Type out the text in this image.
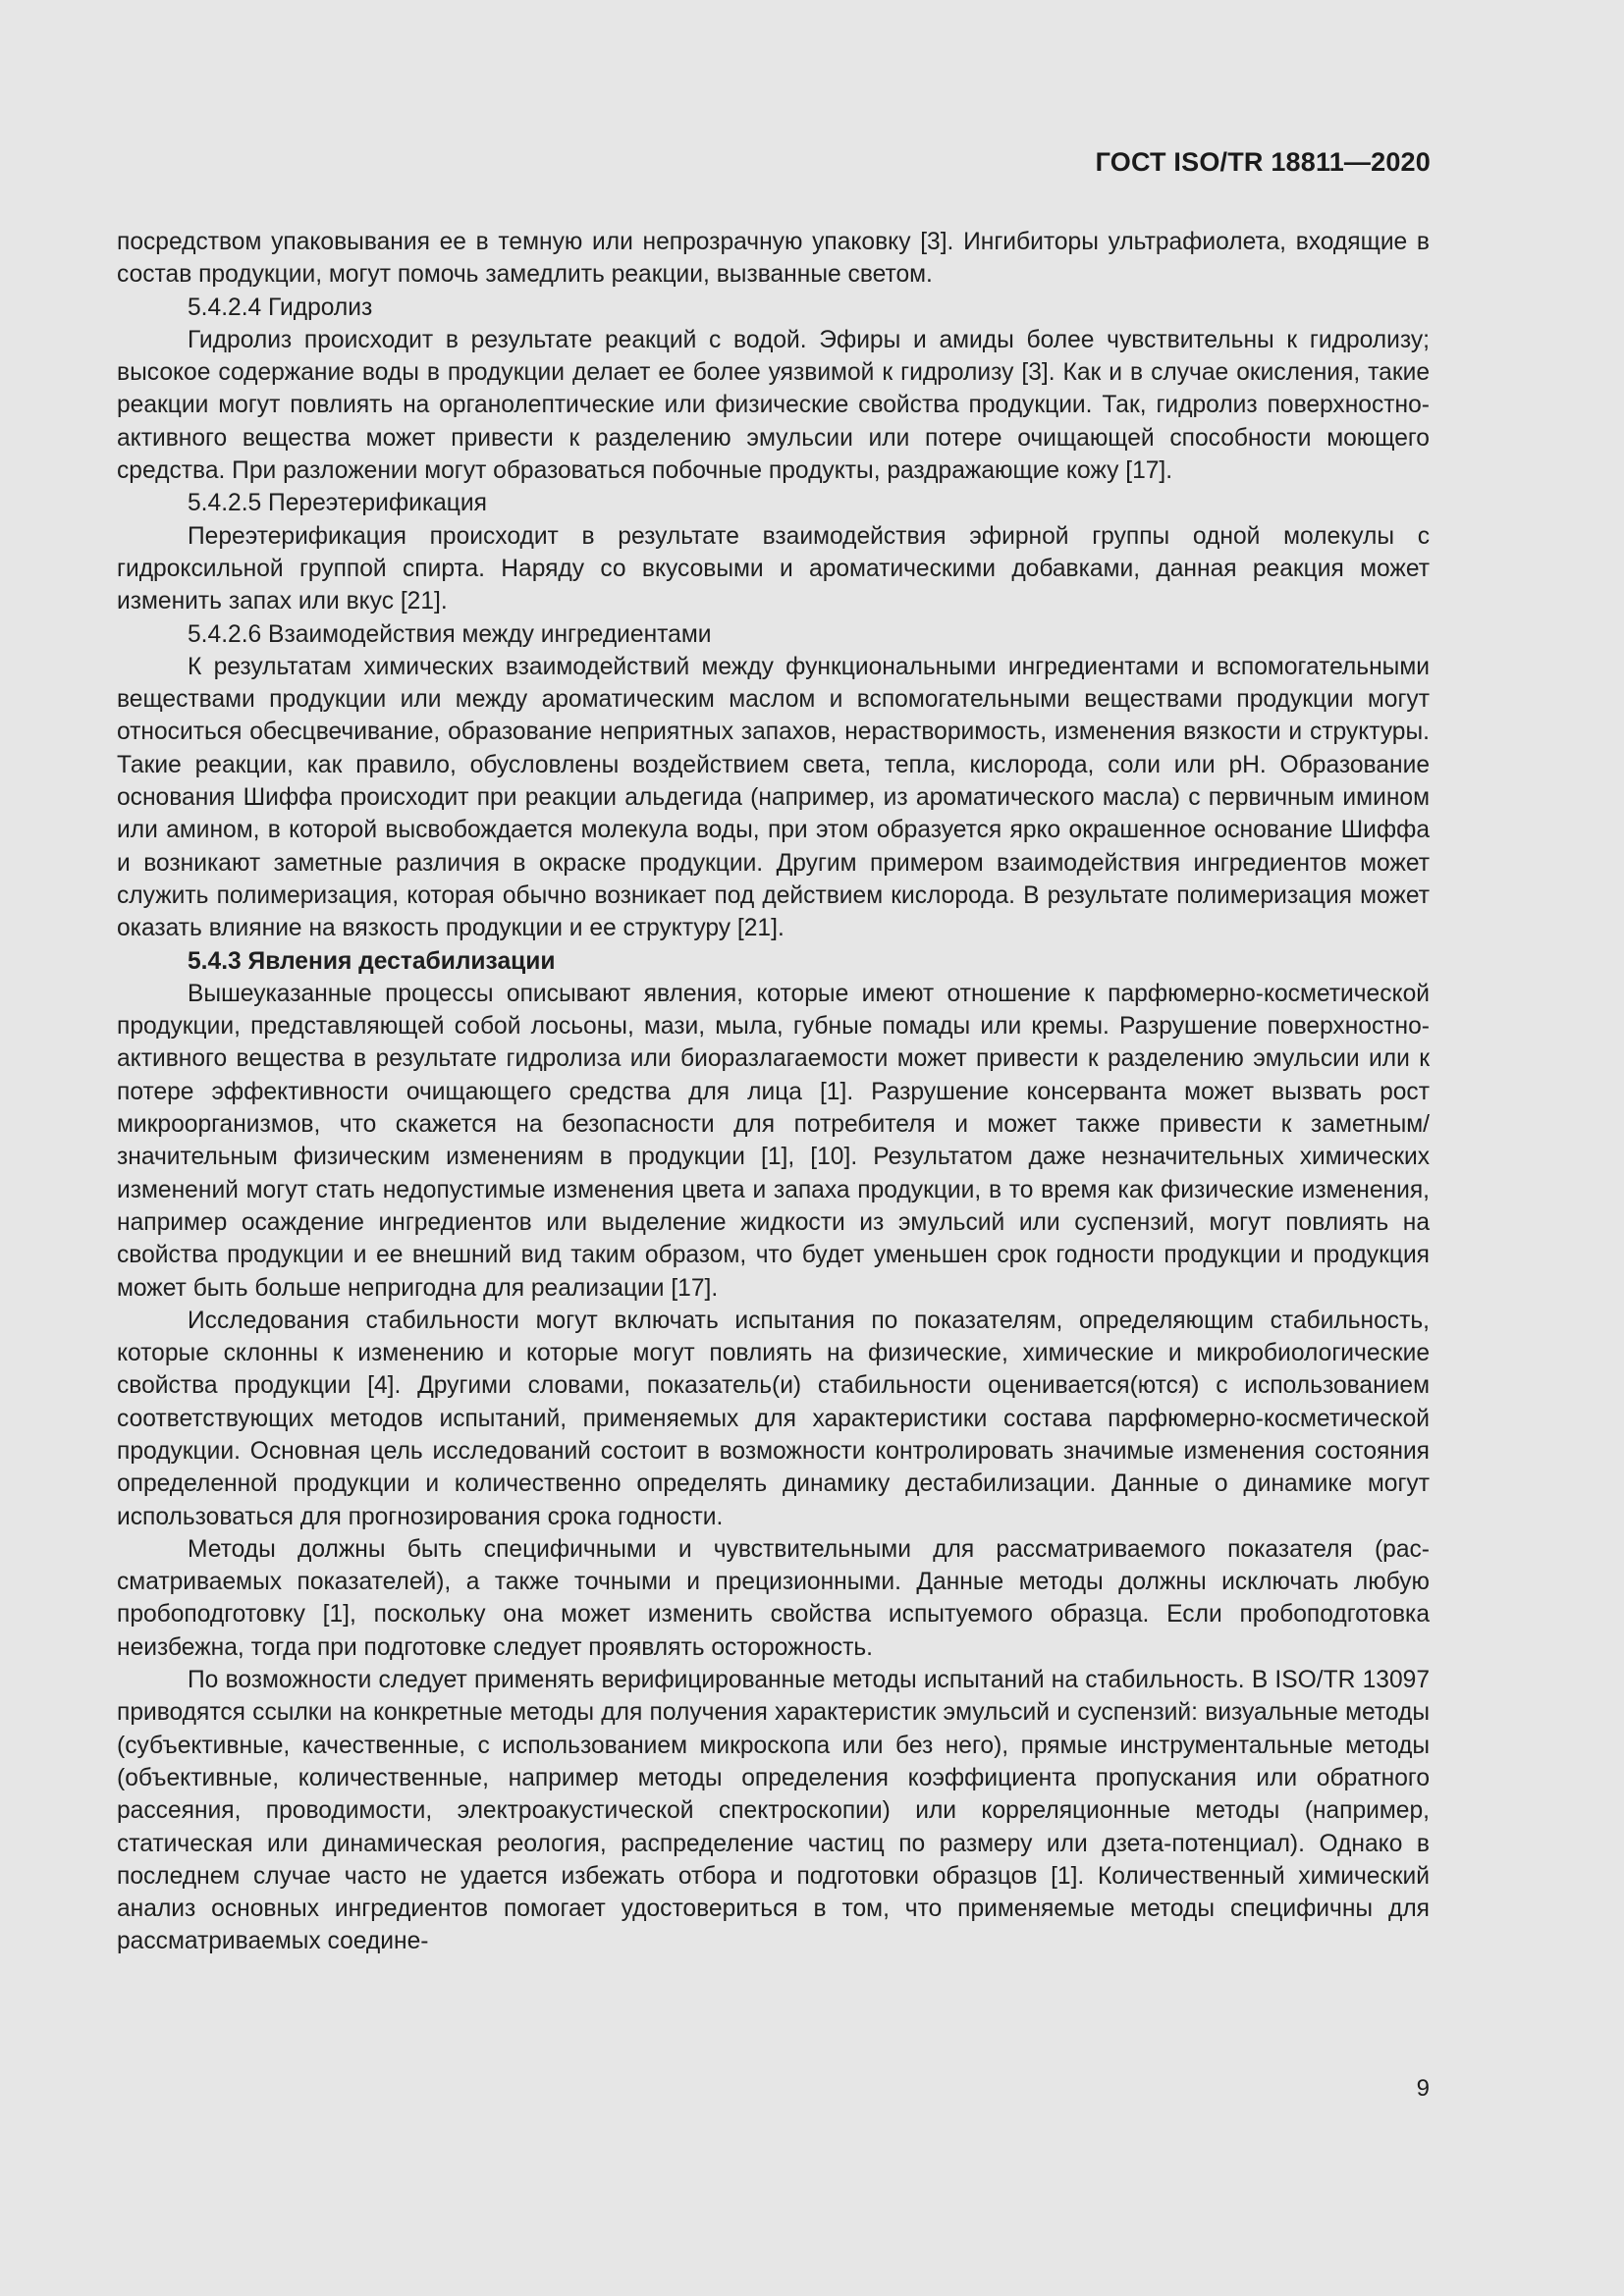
ГОСТ ISO/TR 18811—2020

посредством упаковывания ее в темную или непрозрачную упаковку [3]. Ингибиторы ультрафиолета, входящие в состав продукции, могут помочь замедлить реакции, вызванные светом.

5.4.2.4 Гидролиз

Гидролиз происходит в результате реакций с водой. Эфиры и амиды более чувствительны к гидролизу; высокое содержание воды в продукции делает ее более уязвимой к гидролизу [3]. Как и в случае окисления, такие реакции могут повлиять на органолептические или физические свойства продукции. Так, гидролиз поверхностно-активного вещества может привести к разделению эмульсии или потере очищающей способности моющего средства. При разложении могут образоваться побочные продукты, раздражающие кожу [17].

5.4.2.5 Переэтерификация

Переэтерификация происходит в результате взаимодействия эфирной группы одной молекулы с гидроксильной группой спирта. Наряду со вкусовыми и ароматическими добавками, данная реакция может изменить запах или вкус [21].

5.4.2.6 Взаимодействия между ингредиентами

К результатам химических взаимодействий между функциональными ингредиентами и вспомогательными веществами продукции или между ароматическим маслом и вспомогательными веществами продукции могут относиться обесцвечивание, образование неприятных запахов, нерастворимость, изменения вязкости и структуры. Такие реакции, как правило, обусловлены воздействием света, тепла, кислорода, соли или pH. Образование основания Шиффа происходит при реакции альдегида (например, из ароматического масла) с первичным имином или амином, в которой высвобождается молекула воды, при этом образуется ярко окрашенное основание Шиффа и возникают заметные различия в окраске продукции. Другим примером взаимодействия ингредиентов может служить полимеризация, которая обычно возникает под действием кислорода. В результате полимеризация может оказать влияние на вязкость продукции и ее структуру [21].

5.4.3 Явления дестабилизации

Вышеуказанные процессы описывают явления, которые имеют отношение к парфюмерно-косметической продукции, представляющей собой лосьоны, мази, мыла, губные помады или кремы. Разрушение поверхностно-активного вещества в результате гидролиза или биоразлагаемости может привести к разделению эмульсии или к потере эффективности очищающего средства для лица [1]. Разрушение консерванта может вызвать рост микроорганизмов, что скажется на безопасности для потребителя и может также привести к заметным/значительным физическим изменениям в продукции [1], [10]. Результатом даже незначительных химических изменений могут стать недопустимые изменения цвета и запаха продукции, в то время как физические изменения, например осаждение ингредиентов или выделение жидкости из эмульсий или суспензий, могут повлиять на свойства продукции и ее внешний вид таким образом, что будет уменьшен срок годности продукции и продукция может быть больше непригодна для реализации [17].

Исследования стабильности могут включать испытания по показателям, определяющим стабильность, которые склонны к изменению и которые могут повлиять на физические, химические и микробиологические свойства продукции [4]. Другими словами, показатель(и) стабильности оценивается(ются) с использованием соответствующих методов испытаний, применяемых для характеристики состава парфюмерно-косметической продукции. Основная цель исследований состоит в возможности контролировать значимые изменения состояния определенной продукции и количественно определять динамику дестабилизации. Данные о динамике могут использоваться для прогнозирования срока годности.

Методы должны быть специфичными и чувствительными для рассматриваемого показателя (рассматриваемых показателей), а также точными и прецизионными. Данные методы должны исключать любую пробоподготовку [1], поскольку она может изменить свойства испытуемого образца. Если пробоподготовка неизбежна, тогда при подготовке следует проявлять осторожность.

По возможности следует применять верифицированные методы испытаний на стабильность. В ISO/TR 13097 приводятся ссылки на конкретные методы для получения характеристик эмульсий и суспензий: визуальные методы (субъективные, качественные, с использованием микроскопа или без него), прямые инструментальные методы (объективные, количественные, например методы определения коэффициента пропускания или обратного рассеяния, проводимости, электроакустической спектроскопии) или корреляционные методы (например, статическая или динамическая реология, распределение частиц по размеру или дзета-потенциал). Однако в последнем случае часто не удается избежать отбора и подготовки образцов [1]. Количественный химический анализ основных ингредиентов помогает удостовериться в том, что применяемые методы специфичны для рассматриваемых соедине-

9
